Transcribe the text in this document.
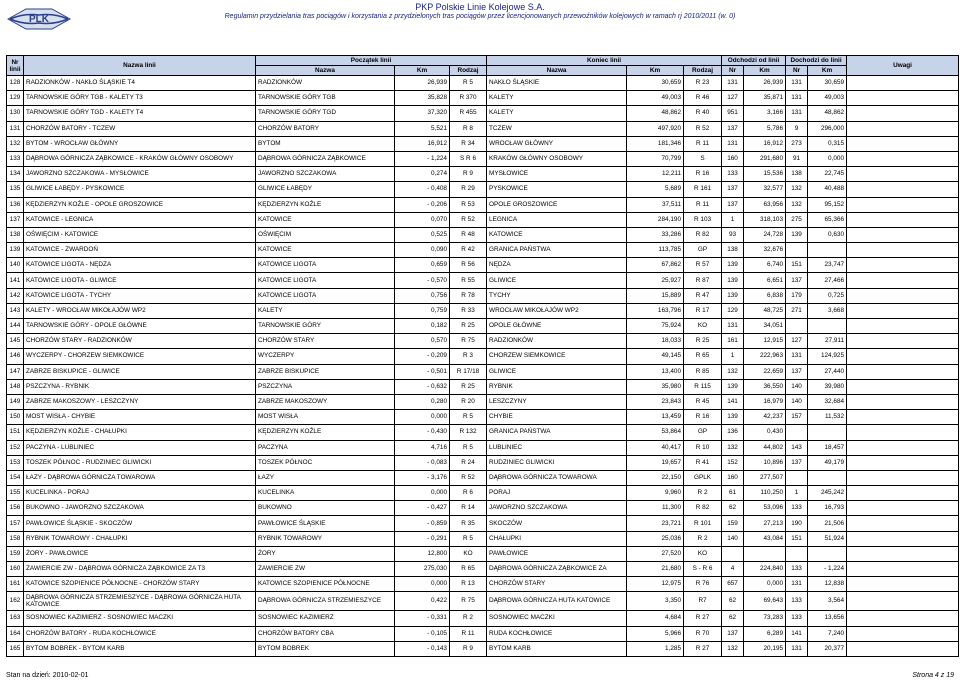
PLK
PKP Polskie Linie Kolejowe S.A.
Regulamin przydzielania tras pociągów i korzystania z przydzielonych tras pociągów przez licencjonowanych przewoźników kolejowych w ramach rj 2010/2011 (w. 0)
Nr linii	Nazwa linii	Początek linii			Koniec linii			Odchodzi od linii		Dochodzi do linii		Uwagi
		Nazwa	Km	Rodzaj	Nazwa	Km	Rodzaj	Nr	Km	Nr	Km	
128	RADZIONKÓW - NAKŁO ŚLĄSKIE T4	RADZIONKÓW	26,939	R 5	NAKŁO ŚLĄSKIE	30,659	R 23	131	26,939	131	30,659	
129	TARNOWSKIE GÓRY TGB - KALETY T3	TARNOWSKIE GÓRY TGB	35,828	R 370	KALETY	49,003	R 46	127	35,871	131	49,003	
130	TARNOWSKIE GÓRY TGD - KALETY T4	TARNOWSKIE GÓRY TGD	37,320	R 455	KALETY	48,862	R 40	951	3,166	131	48,862	
131	CHORZÓW BATORY - TCZEW	CHORZÓW BATORY	5,521	R 8	TCZEW	497,920	R 52	137	5,786	9	296,000	
132	BYTOM - WROCŁAW GŁÓWNY	BYTOM	16,912	R 34	WROCŁAW GŁÓWNY	181,346	R 11	131	16,912	273	0,315	
133	DĄBROWA GÓRNICZA ZĄBKOWICE - KRAKÓW GŁÓWNY OSOBOWY	DĄBROWA GÓRNICZA ZĄBKOWICE	- 1,224	S R 6	KRAKÓW GŁÓWNY OSOBOWY	70,799	S	160	291,680	91	0,000	
134	JAWORZNO SZCZAKOWA - MYSŁOWICE	JAWORZNO SZCZAKOWA	0,274	R 9	MYSŁOWICE	12,211	R 16	133	15,536	138	22,745	
135	GLIWICE ŁABĘDY - PYSKOWICE	GLIWICE ŁABĘDY	- 0,408	R 29	PYSKOWICE	5,689	R 161	137	32,577	132	40,488	
136	KĘDZIERZYN KOŹLE - OPOLE GROSZOWICE	KĘDZIERZYN KOŹLE	- 0,206	R 53	OPOLE GROSZOWICE	37,511	R 11	137	63,956	132	95,152	
137	KATOWICE - LEGNICA	KATOWICE	0,070	R 52	LEGNICA	284,190	R 103	1	318,103	275	65,366	
138	OŚWIĘCIM - KATOWICE	OŚWIĘCIM	0,525	R 48	KATOWICE	33,286	R 82	93	24,728	139	0,630	
139	KATOWICE - ZWARDOŃ	KATOWICE	0,090	R 42	GRANICA PAŃSTWA	113,785	GP	138	32,676			
140	KATOWICE LIGOTA - NĘDZA	KATOWICE LIGOTA	0,659	R 56	NĘDZA	67,862	R 57	139	6,740	151	23,747	
141	KATOWICE LIGOTA - GLIWICE	KATOWICE LIGOTA	- 0,570	R 55	GLIWICE	25,927	R 87	139	6,651	137	27,466	
142	KATOWICE LIGOTA - TYCHY	KATOWICE LIGOTA	0,756	R 78	TYCHY	15,889	R 47	139	6,838	179	0,725	
143	KALETY - WROCŁAW MIKOŁAJÓW WP2	KALETY	0,759	R 33	WROCŁAW MIKOŁAJÓW WP2	163,796	R 17	129	48,725	271	3,668	
144	TARNOWSKIE GÓRY - OPOLE GŁÓWNE	TARNOWSKIE GÓRY	0,182	R 25	OPOLE GŁÓWNE	75,924	KO	131	34,051			
145	CHORZÓW STARY - RADZIONKÓW	CHORZÓW STARY	0,570	R 75	RADZIONKÓW	18,033	R 25	161	12,915	127	27,911	
146	WYCZERPY - CHORZEW SIEMKOWICE	WYCZERPY	- 0,209	R 3	CHORZEW SIEMKOWICE	49,145	R 65	1	222,963	131	124,925	
147	ZABRZE BISKUPICE - GLIWICE	ZABRZE BISKUPICE	- 0,501	R 17/18	GLIWICE	13,400	R 85	132	22,659	137	27,440	
148	PSZCZYNA - RYBNIK	PSZCZYNA	- 0,632	R 25	RYBNIK	35,980	R 115	139	36,550	140	39,980	
149	ZABRZE MAKOSZOWY - LESZCZYNY	ZABRZE MAKOSZOWY	0,280	R 20	LESZCZYNY	23,843	R 45	141	16,979	140	32,684	
150	MOST WISŁA - CHYBIE	MOST WISŁA	0,000	R 5	CHYBIE	13,459	R 16	139	42,237	157	11,532	
151	KĘDZIERZYN KOŹLE - CHAŁUPKI	KĘDZIERZYN KOŹLE	- 0,430	R 132	GRANICA PAŃSTWA	53,864	GP	136	0,430			
152	PACZYNA - LUBLINIEC	PACZYNA	4,716	R 5	LUBLINIEC	40,417	R 10	132	44,802	143	18,457	
153	TOSZEK PÓŁNOC - RUDZINIEC GLIWICKI	TOSZEK PÓŁNOC	- 0,083	R 24	RUDZINIEC GLIWICKI	19,657	R 41	152	10,896	137	49,179	
154	ŁAZY - DĄBROWA GÓRNICZA TOWAROWA	ŁAZY	- 3,176	R 52	DĄBROWA GÓRNICZA TOWAROWA	22,150	GPLK	160	277,507			
155	KUCELINKA - PORAJ	KUCELINKA	0,000	R 6	PORAJ	9,960	R 2	61	110,250	1	245,242	
156	BUKOWNO - JAWORZNO SZCZAKOWA	BUKOWNO	- 0,427	R 14	JAWORZNO SZCZAKOWA	11,300	R 82	62	53,096	133	16,793	
157	PAWŁOWICE ŚLĄSKIE - SKOCZÓW	PAWŁOWICE ŚLĄSKIE	- 0,859	R 35	SKOCZÓW	23,721	R 101	159	27,213	190	21,506	
158	RYBNIK TOWAROWY - CHAŁUPKI	RYBNIK TOWAROWY	- 0,291	R 5	CHAŁUPKI	25,036	R 2	140	43,084	151	51,924	
159	ŻORY - PAWŁOWICE	ŻORY	12,800	KO	PAWŁOWICE	27,520	KO					
160	ZAWIERCIE ZW - DĄBROWA GÓRNICZA ZĄBKOWICE ZA T3	ZAWIERCIE ZW	275,030	R 65	DĄBROWA GÓRNICZA ZĄBKOWICE ZA	21,680	S - R 6	4	224,840	133	- 1,224	
161	KATOWICE SZOPIENICE PÓŁNOCNE - CHORZÓW STARY	KATOWICE SZOPIENICE PÓŁNOCNE	0,000	R 13	CHORZÓW STARY	12,975	R 76	657	0,000	131	12,838	
162	DĄBROWA GÓRNICZA STRZEMIESZYCE - DĄBROWA GÓRNICZA HUTA KATOWICE	DĄBROWA GÓRNICZA STRZEMIESZYCE	0,422	R 75	DĄBROWA GÓRNICZA HUTA KATOWICE	3,350	R7	62	69,643	133	3,564	
163	SOSNOWIEC KAZIMIERZ - SOSNOWIEC MACZKI	SOSNOWIEC KAZIMIERZ	- 0,331	R 2	SOSNOWIEC MACZKI	4,684	R 27	62	73,283	133	13,656	
164	CHORZÓW BATORY - RUDA KOCHŁOWICE	CHORZÓW BATORY CBA	- 0,105	R 11	RUDA KOCHŁOWICE	5,966	R 70	137	6,289	141	7,240	
165	BYTOM BOBREK - BYTOM KARB	BYTOM BOBREK	- 0,143	R 9	BYTOM KARB	1,285	R 27	132	20,195	131	20,377	
Stan na dzień: 2010-02-01	Strona 4 z 19
